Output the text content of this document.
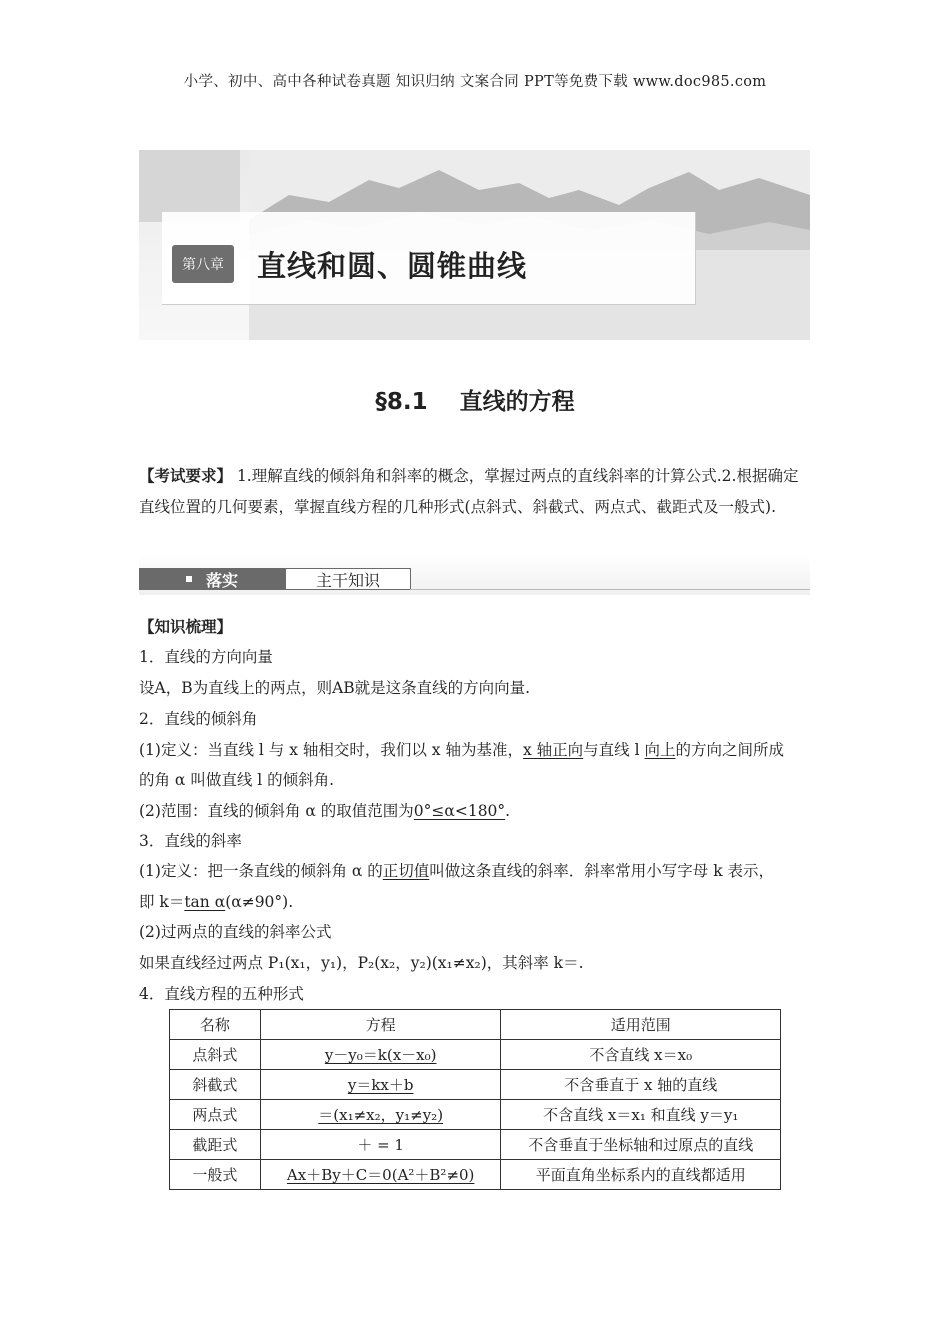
小学、初中、高中各种试卷真题 知识归纳 文案合同 PPT等免费下载 www.doc985.com
第八章	直线和圆、圆锥曲线
§8.1    直线的方程
【考试要求】 1.理解直线的倾斜角和斜率的概念，掌握过两点的直线斜率的计算公式.2.根据确定直线位置的几何要素，掌握直线方程的几种形式(点斜式、斜截式、两点式、截距式及一般式).
落实	主干知识
【知识梳理】
1．直线的方向向量
设A，B为直线上的两点，则AB就是这条直线的方向向量.
2．直线的倾斜角
(1)定义：当直线 l 与 x 轴相交时，我们以 x 轴为基准，x 轴正向与直线 l 向上的方向之间所成
的角 α 叫做直线 l 的倾斜角.
(2)范围：直线的倾斜角 α 的取值范围为0°≤α<180°.
3．直线的斜率
(1)定义：把一条直线的倾斜角 α 的正切值叫做这条直线的斜率．斜率常用小写字母 k 表示，
即 k＝tan α(α≠90°).
(2)过两点的直线的斜率公式
如果直线经过两点 P₁(x₁，y₁)，P₂(x₂，y₂)(x₁≠x₂)，其斜率 k＝.
4．直线方程的五种形式
名称	方程	适用范围
点斜式	y－y₀＝k(x－x₀)	不含直线 x＝x₀
斜截式	y＝kx＋b	不含垂直于 x 轴的直线
两点式	＝(x₁≠x₂，y₁≠y₂)	不含直线 x＝x₁ 和直线 y＝y₁
截距式	＋ = 1	不含垂直于坐标轴和过原点的直线
一般式	Ax＋By＋C＝0(A²＋B²≠0)	平面直角坐标系内的直线都适用
